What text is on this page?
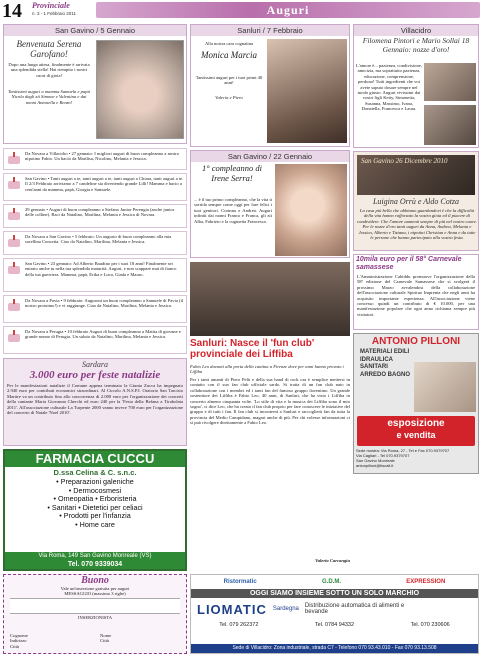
14 Provinciale
n. 3 - 1 Febbraio 2011	Auguri
San Gavino / 5 Gennaio
Benvenuta Serena Garofano!
Dopo una lunga attesa, finalmente è arrivata una splendida stella! Hai riempito i nostri cuori di gioia!
Tantissimi auguri a mamma Samuela e papà Nicola dagli zii Simone e Valentina e dai nonni Antonella e Renzo!
Da Novara a Villacidro • 27 gennaio: I migliori auguri di buon compleanno a nostro nipotino Fabio. Un bacio da Marilisa, Nicolino, Melania e Jessica.
San Gavino • Tanti auguri a te, tanti auguri a te, tanti auguri a Chiara, tanti auguri a te. Il 2/3 Febbraio arriviamo a 7 candeline sia divertendo grande Lilli! Mamma e bacio a cent'anni da mamma, papà, Giorgia e Samuele.
29 gennaio • Auguri di buon compleanno a Stefano Junior Perengia (anche junior delle colline). Baci da Natalino, Marilina, Melania e Jessica di Novara.
Da Novara a San Gavino • 5 febbraio: Un augurio di buon compleanno alla mia sorellina Concetta. Ciao da Natalino, Marilina, Melania e Jessica.
San Gavino • 23 gennaio: Ad Alberto Baudino per i suoi 18 anni! Finalmente sei entrato anche tu nella tua splendida maturità. Auguri, e non scappare mai di fianco della tua guerriera. Mamma, papà, Erika e Luca, Giada e Mauro.
Da Novara a Pavia • 9 febbraio: Auguroni un buon compleanno a Samuele di Pavia (il nostro prossimo!) e vi raggiunge. Ciao da Natalino, Marilina, Melania e Jessica.
Da Novara a Perugia • 10 febbraio Auguri di buon compleanno a Mattia di giovane e grande nonno di Perugia. Un saluto da Natalino, Marilina, Melania e Jessica.
Sardara
3.000 euro per feste natalizie
Per le manifestazioni natalizie il Comune appena terminato la Giunta Zucca ha impegnato 2.940 euro per contributi economici straordinari. Al Circolo A.N.S.P.I. Oratorio San Tarcisio Martire va un contributo fino allo concorrenza di 2.000 euro per l'organizzazione dei concerti della cantante Maria Giovanna Cherchi ed euro 240 per la 'Festa della Befana a Tirabolata 2011'. All'associazione culturale La Turpente 2000 vanno invece 700 euro per l'organizzazione del concerto di Natale 'Noel 2010'.
FARMACIA CUCCU
D.ssa Celina & C. s.n.c.
• Preparazioni galeniche
• Dermocosmesi
• Omeopatia • Erboristeria
• Sanitari • Dietetici per celiaci
• Prodotti per l'infanzia
• Home care
Via Roma, 149 San Gavino Monreale (VS)
Tel. 070 9339034
Buono
Vale un'inserzione gratuita per auguri
MESSAGGIO (massimo 3 righe)
INSERZIONISTA
Cognome
Indirizzo
Città
Nome
Città
Sanluri / 7 Febbraio
Alla nostra cara cognatina
Monica Marcia
Tantissimi auguri per i tuoi primi 40 anni!
Valeria e Piero
San Gavino / 22 Gennaio
1° compleanno di Irene Serra!
... è il tuo primo compleanno, che la vita ti sorrida sempre come oggi per fare felici i tuoi genitori. Corinna e Andrea. Auguri infiniti dai nonni Franco e Franca, gli zii Alba, Fabrizio e la cuginetta Francesca.
Villacidro
Filomena Pintori e Mario Sollai 18 Gennaio: nozze d'oro!
L'amore è... pazienza, condivisione, amicizia, ma soprattutto pazienza, educazione, comprensione, perdono! Tutti ingredienti che voi avete saputo dosare sempre nel modo giusto. Auguri vivissimi dai vostri figli Ketty, Simonetta, Susanna, Massimo, Ivana, Donatella, Francesca e Laura.
San Gavino 26 Dicembre 2010
Luigina Orrù e Aldo Cotza
La casa più bella che abbiamo guardandovi è che la difficoltà della vita hanno rafforzato la vostra gioia ed il piacere di condividere. Che l'amore aumenti sempre di più nel vostro cuore. Per le nozze d'oro tanti auguri da Anna, Andrea, Melania e Jessica, Alberto e Tiziana, i nipotini Christian e Anna e da tutte le persone che hanno partecipato alla vostra festa.
10mila euro per il 58° Carnevale samassese
L'Amministrazione Cabiddu promuove l'organizzazione della 58ª edizione del Carnevale Samassese che si svolgerà il prossimo Marzo avvalendosi della collaborazione dell'associazione culturale Spirituo Imprenta che negli anni ha acquisito importante esperienza. All'associazione viene concesso quindi un contributo di € 10.000, per una manifestazione popolare che ogni anno richiama sempre più visitatori.
ANTONIO PILLONI
MATERIALI EDILI
IDRAULICA
SANITARI
ARREDO BAGNO
esposizione
e vendita
Sede mostra: Via Roma, 27 - Tel e Fax 070.9379707
Via Cagliari - Tel 070.9379707
San Gavino Monreale
antonpilloni@tiscali.it
Sanluri: Nasce il 'fun club' provinciale dei Liffiba
Fabio Leo davanti alla porta della cantina a Firenze dove per anni hanno provato i Liffiba
Per i tanti amanti di Piero Pelù e della sua band di rock ora è semplice mettersi in contatto con il suo fan club ufficiale sardo. Si tratta di un fan club nato in collaborazione con i membri ed i tanti fan del famoso gruppo fiorentino. Un grande sostenitore dei Liffiba è Fabio Leo, 40 anni, di Sanluri, che ha visto i Liffiba in concerto almeno cinquanta volte. 'Lo stile di vita e la musica dei Liffiba sono il mio sogno', ci dice Leo, che ha creato il fan club proprio per fare conoscere le iniziative del gruppo e di tutti i fan. Il fan club si incontrerà a Sanluri e raccoglierà fan da tutta la provincia del Medio Campidano, magari anche di più. Per chi volesse informazioni ci si può rivolgere direttamente a Fabio Leo.
Valeria Carcangiu
Ristormatic	G.D.M.	EXPRESSION
OGGI SIAMO INSIEME SOTTO UN SOLO MARCHIO
LIOMATIC Sardegna Distribuzione automatica di alimenti e bevande
Tel. 079 262372	Tel. 0784 94332	Tel. 070 230606
Sede di Villacidro: Zona industriale, strada C7 - Telefono 070 93.43.010 - Fax 070 93.13.508
